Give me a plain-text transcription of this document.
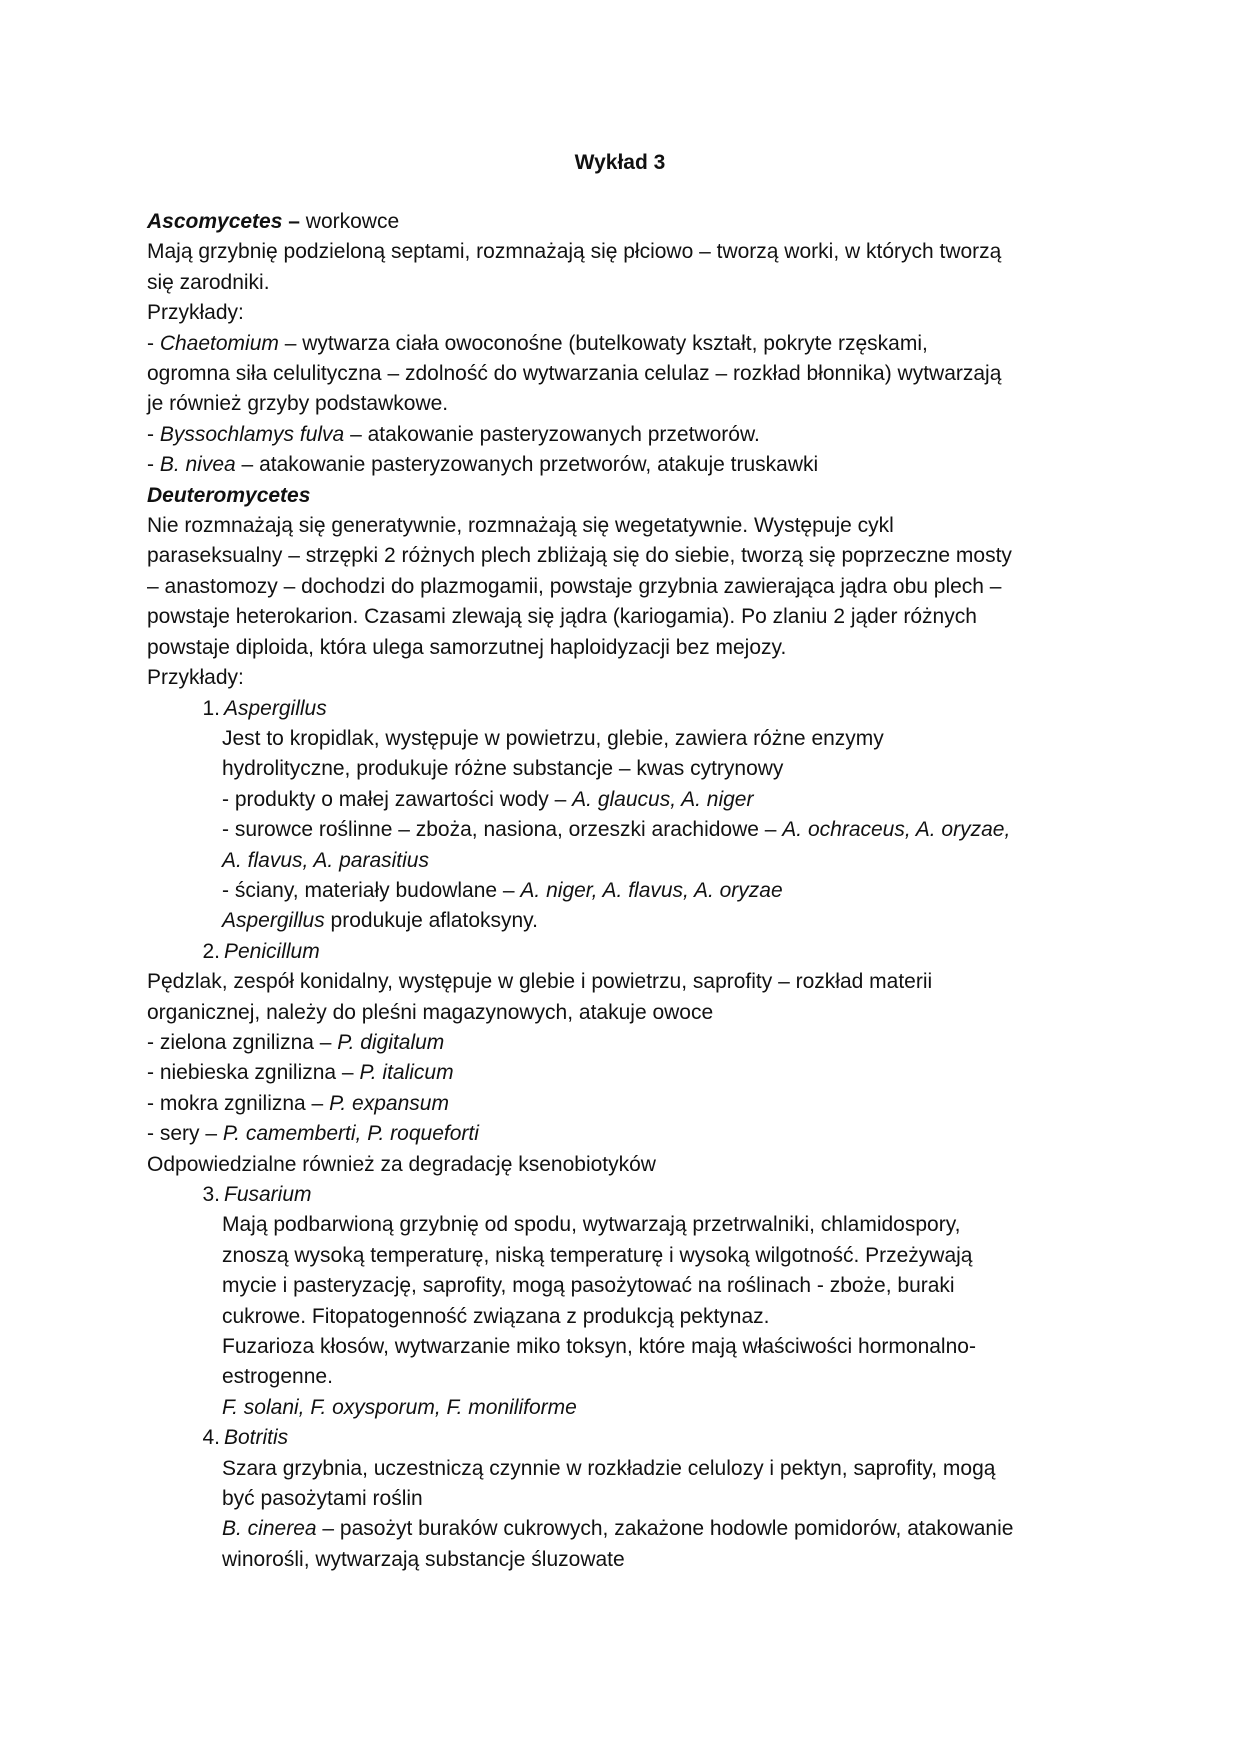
Wykład 3
Ascomycetes – workowce
Mają grzybnię podzieloną septami, rozmnażają się płciowo – tworzą worki, w których tworzą
się zarodniki.
Przykłady:
- Chaetomium – wytwarza ciała owoconośne (butelkowaty kształt, pokryte rzęskami,
ogromna siła celulityczna – zdolność do wytwarzania celulaz – rozkład błonnika) wytwarzają
je również grzyby podstawkowe.
- Byssochlamys fulva – atakowanie pasteryzowanych przetworów.
- B. nivea – atakowanie pasteryzowanych przetworów, atakuje truskawki
Deuteromycetes
Nie rozmnażają się generatywnie, rozmnażają się wegetatywnie. Występuje cykl
paraseksualny – strzępki 2 różnych plech zbliżają się do siebie, tworzą się poprzeczne mosty
– anastomozy – dochodzi do plazmogamii, powstaje grzybnia zawierająca jądra obu plech –
powstaje heterokarion. Czasami zlewają się jądra (kariogamia). Po zlaniu 2 jąder różnych
powstaje diploida, która ulega samorzutnej haploidyzacji bez mejozy.
Przykłady:
1. Aspergillus
Jest to kropidlak, występuje w powietrzu, glebie, zawiera różne enzymy
hydrolityczne, produkuje różne substancje – kwas cytrynowy
- produkty o małej zawartości wody – A. glaucus, A. niger
- surowce roślinne – zboża, nasiona, orzeszki arachidowe – A. ochraceus, A. oryzae,
A. flavus, A. parasitius
- ściany, materiały budowlane – A. niger, A. flavus, A. oryzae
Aspergillus produkuje aflatoksyny.
2. Penicillum
Pędzlak, zespół konidalny, występuje w glebie i powietrzu, saprofity – rozkład materii
organicznej, należy do pleśni magazynowych, atakuje owoce
- zielona zgnilizna – P. digitalum
- niebieska zgnilizna – P. italicum
- mokra zgnilizna – P. expansum
- sery – P. camemberti, P. roqueforti
Odpowiedzialne również za degradację ksenobiotyków
3. Fusarium
Mają podbarwioną grzybnię od spodu, wytwarzają przetrwalniki, chlamidospory,
znoszą wysoką temperaturę, niską temperaturę i wysoką wilgotność. Przeżywają
mycie i pasteryzację, saprofity, mogą pasożytować na roślinach - zboże, buraki
cukrowe. Fitopatogenność związana z produkcją pektynaz.
Fuzarioza kłosów, wytwarzanie miko toksyn, które mają właściwości hormonalno-
estrogenne.
F. solani, F. oxysporum, F. moniliforme
4. Botritis
Szara grzybnia, uczestniczą czynnie w rozkładzie celulozy i pektyn, saprofity, mogą
być pasożytami roślin
B. cinerea – pasożyt buraków cukrowych, zakażone hodowle pomidorów, atakowanie
winorośli, wytwarzają substancje śluzowate
